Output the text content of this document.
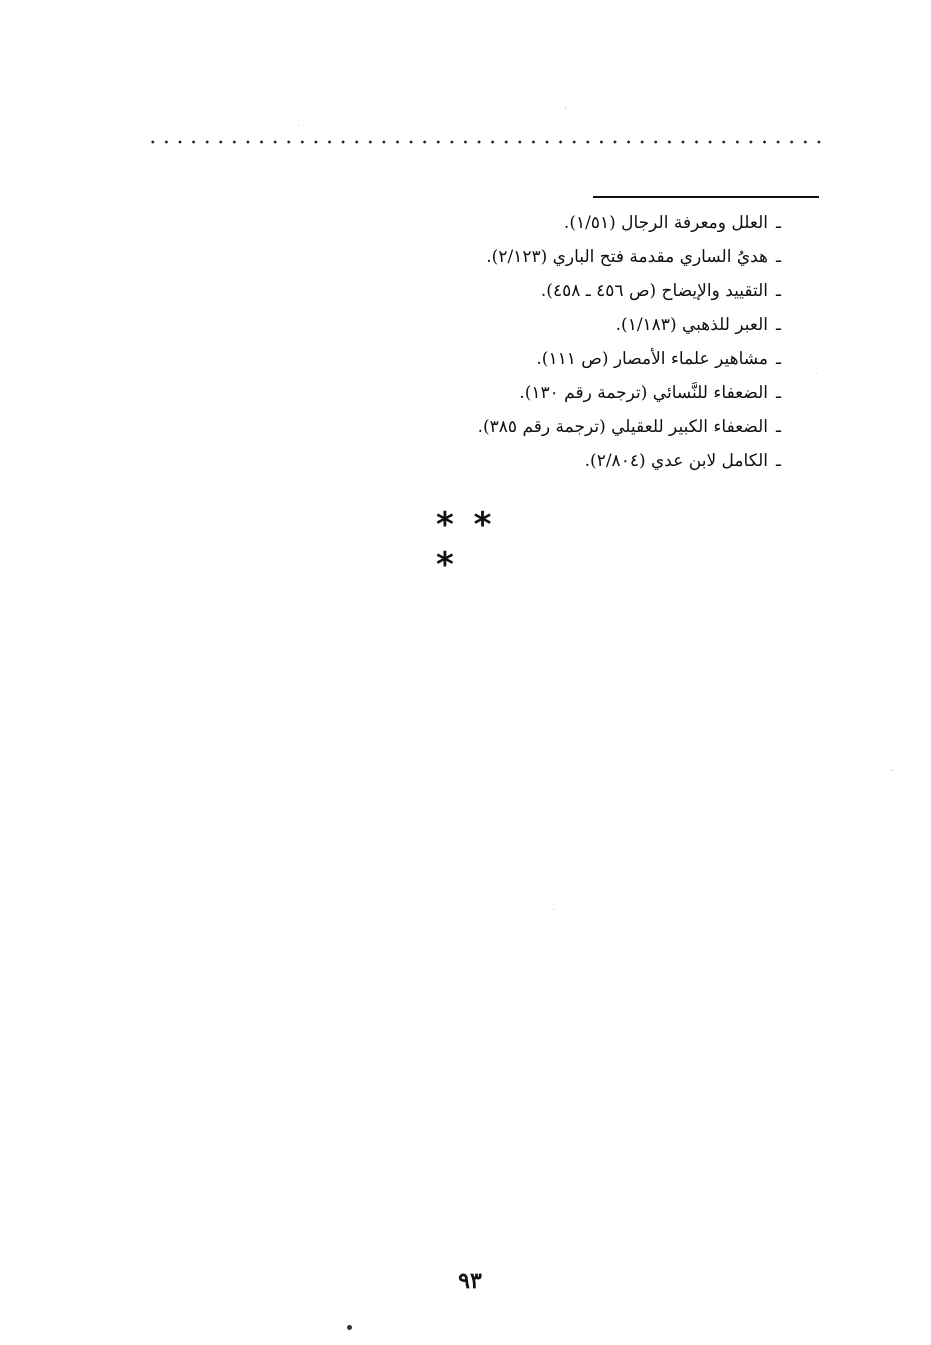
ـالعلل ومعرفة الرجال (١/٥١).
ـهديُ الساري مقدمة فتح الباري (٢/١٢٣).
ـالتقييد والإيضاح (ص ٤٥٦ ـ ٤٥٨).
ـالعبر للذهبي (١/١٨٣).
ـمشاهير علماء الأمصار (ص ١١١).
ـالضعفاء للنَّسائي (ترجمة رقم ١٣٠).
ـالضعفاء الكبير للعقيلي (ترجمة رقم ٣٨٥).
ـالكامل لابن عدي (٢/٨٠٤).
* * *
٩٣
